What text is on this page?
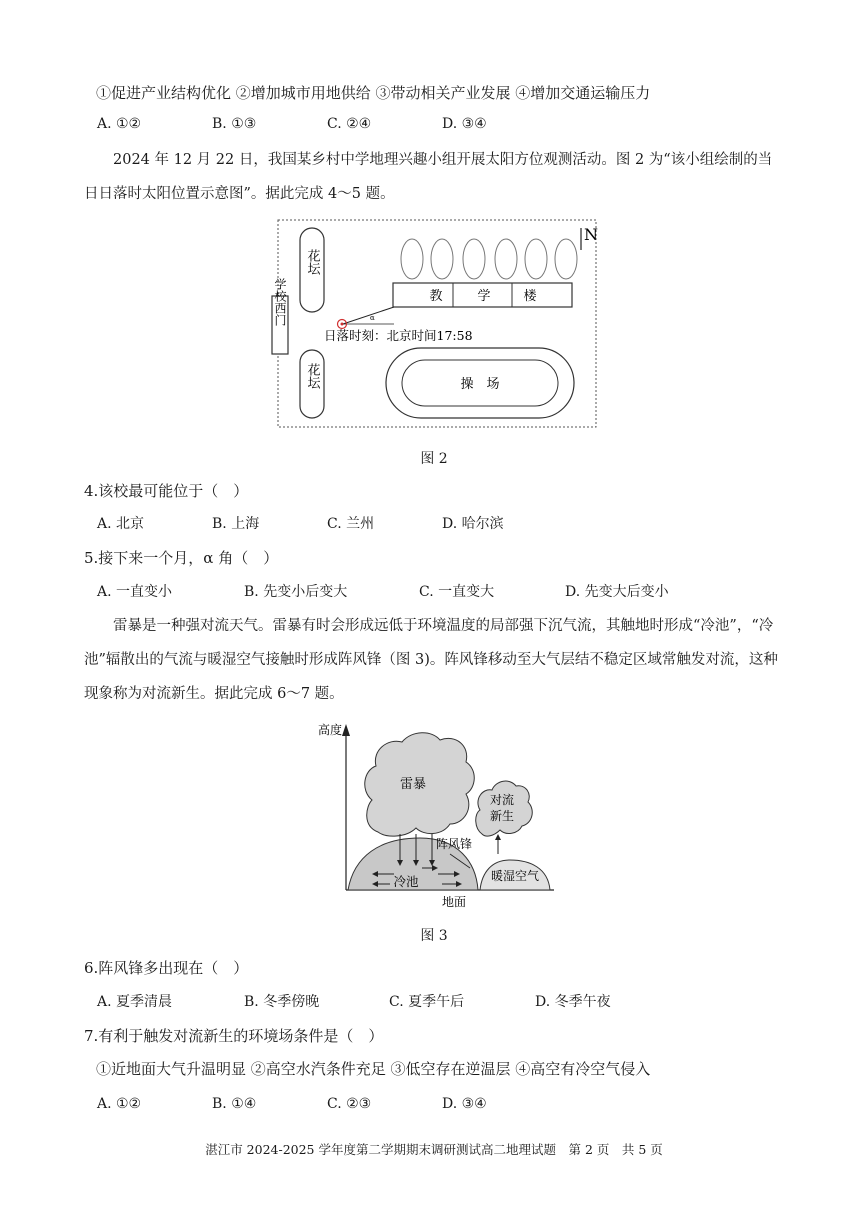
①促进产业结构优化 ②增加城市用地供给 ③带动相关产业发展 ④增加交通运输压力
A. ①②	B. ①③	C. ②④	D. ③④
2024 年 12 月 22 日，我国某乡村中学地理兴趣小组开展太阳方位观测活动。图 2 为“该小组绘制的当
日日落时太阳位置示意图”。据此完成 4～5 题。
N
花坛
花坛
学校西门	教	学	楼
α
日落时刻：北京时间17:58
操　场
图 2
4.该校最可能位于（　）
A. 北京	B. 上海	C. 兰州	D. 哈尔滨
5.接下来一个月，α 角（　）
A. 一直变小	B. 先变小后变大	C. 一直变大	D. 先变大后变小
雷暴是一种强对流天气。雷暴有时会形成远低于环境温度的局部强下沉气流，其触地时形成“冷池”，“冷池”辐散出的气流与暖湿空气接触时形成阵风锋（图 3)。阵风锋移动至大气层结不稳定区域常触发对流，这种现象称为对流新生。据此完成 6～7 题。
高度
地面
雷暴
冷池
阵风锋
对流
新生
暖湿空气
图 3
6.阵风锋多出现在（　）
A. 夏季清晨	B. 冬季傍晚	C. 夏季午后	D. 冬季午夜
7.有利于触发对流新生的环境场条件是（　）
①近地面大气升温明显 ②高空水汽条件充足 ③低空存在逆温层 ④高空有冷空气侵入
A. ①②	B. ①④	C. ②③	D. ③④
湛江市 2024-2025 学年度第二学期期末调研测试高二地理试题　第 2 页　共 5 页
